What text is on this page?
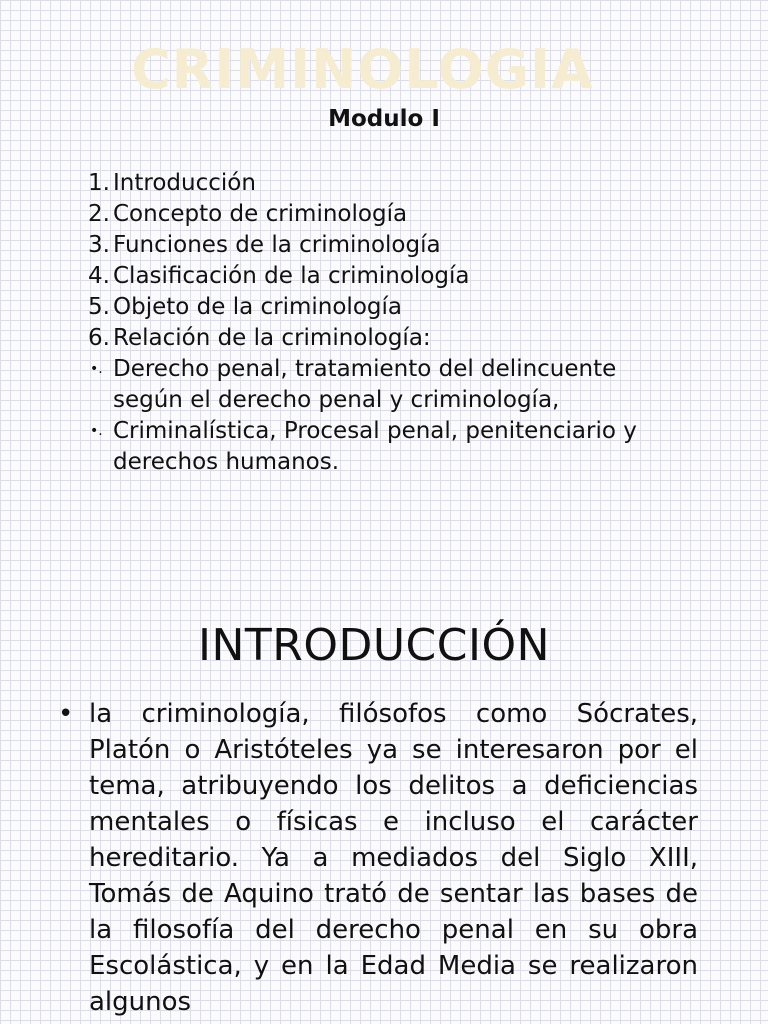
CRIMINOLOGIA
Modulo I
1. Introducción
2. Concepto de criminología
3. Funciones de la criminología
4. Clasificación de la criminología
5. Objeto de la criminología
6. Relación de la criminología:
•. Derecho penal, tratamiento del delincuente según el derecho penal y criminología,
•. Criminalística, Procesal penal, penitenciario y derechos humanos.
INTRODUCCIÓN
• la criminología, filósofos como Sócrates, Platón o Aristóteles ya se interesaron por el tema, atribuyendo los delitos a deficiencias mentales o físicas e incluso el carácter hereditario. Ya a mediados del Siglo XIII, Tomás de Aquino trató de sentar las bases de la filosofía del derecho penal en su obra Escolástica, y en la Edad Media se realizaron algunos
